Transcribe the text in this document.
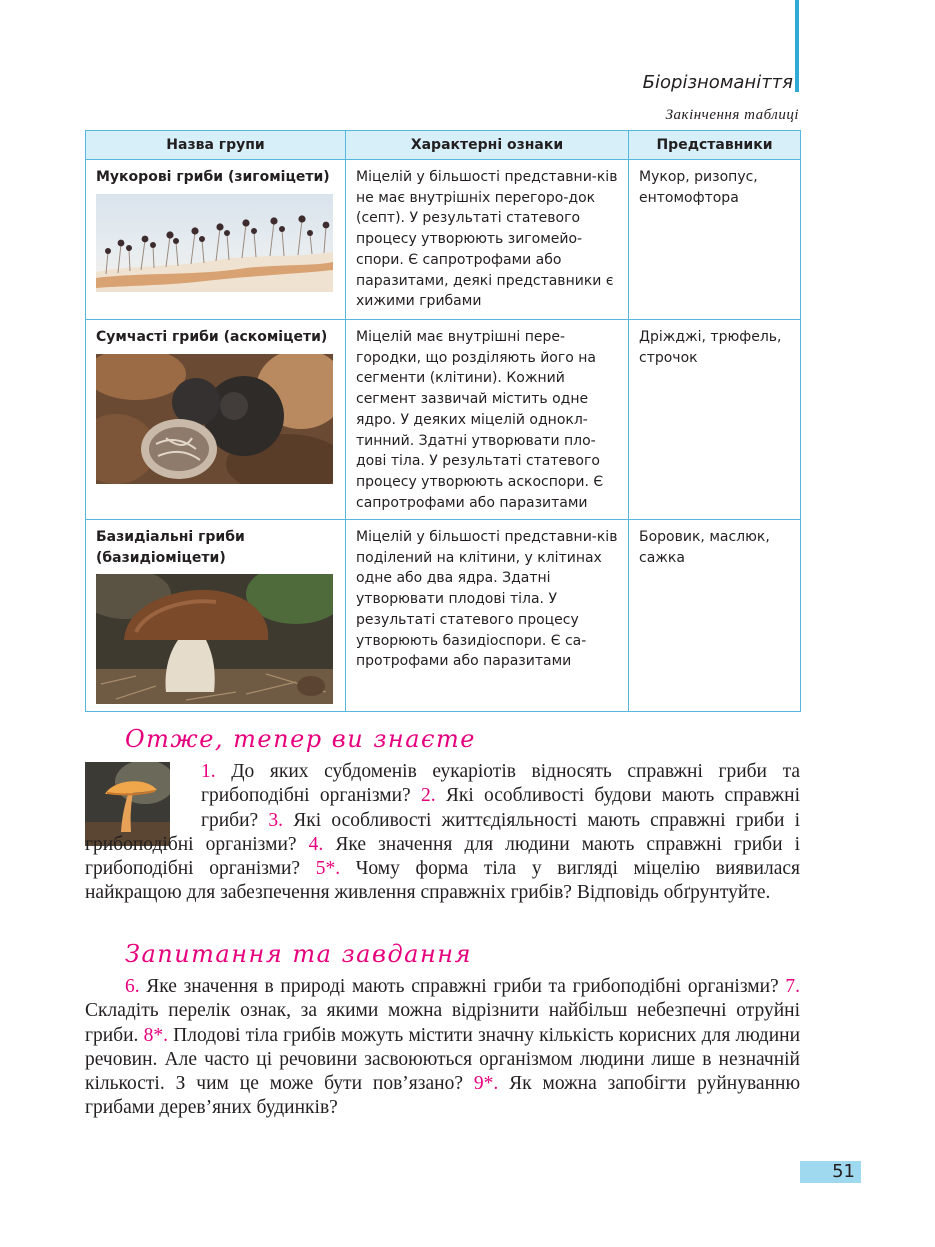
Біорізноманіття
Закінчення таблиці
Назва групи	Характерні ознаки	Представники

Мукорові гриби (зигоміцети)	Міцелій у більшості представни-ків не має внутрішніх перегоро-док (септ). У результаті статевого процесу утворюють зигомейо-спори. Є сапротрофами або паразитами, деякі представники є хижими грибами	Мукор, ризопус, ентомофтора

Сумчасті гриби (аскоміцети)	Міцелій має внутрішні пере-городки, що розділяють його на сегменти (клітини). Кожний сегмент зазвичай містить одне ядро. У деяких міцелій однокл-тинний. Здатні утворювати пло-дові тіла. У результаті статевого процесу утворюють аскоспори. Є сапротрофами або паразитами	Дріжджі, трюфель, строчок

Базидіальні гриби (базидіоміцети)	Міцелій у більшості представни-ків поділений на клітини, у клітинах одне або два ядра. Здатні утворювати плодові тіла. У результаті статевого процесу утворюють базидіоспори. Є са-протрофами або паразитами	Боровик, маслюк, сажка
Отже, тепер ви знаєте
1. До яких субдоменів еукаріотів відносять справжні гриби та грибоподібні організми? 2. Які особливості будови мають справжні гриби? 3. Які особливості життєдіяльності мають справжні гриби і грибоподібні організми? 4. Яке значення для людини мають справжні гриби і грибоподібні організми? 5*. Чому форма тіла у вигляді міцелію виявилася найкращою для забезпечення живлення справжніх грибів? Відповідь обґрунтуйте.
Запитання та завдання
6. Яке значення в природі мають справжні гриби та грибоподібні організми? 7. Складіть перелік ознак, за якими можна відрізнити найбільш небезпечні отруйні гриби. 8*. Плодові тіла грибів можуть містити значну кількість корисних для людини речовин. Але часто ці речовини засвоюються організмом людини лише в незначній кількості. З чим це може бути пов’язано? 9*. Як можна запобігти руйнуванню грибами дерев’яних будинків?
51
